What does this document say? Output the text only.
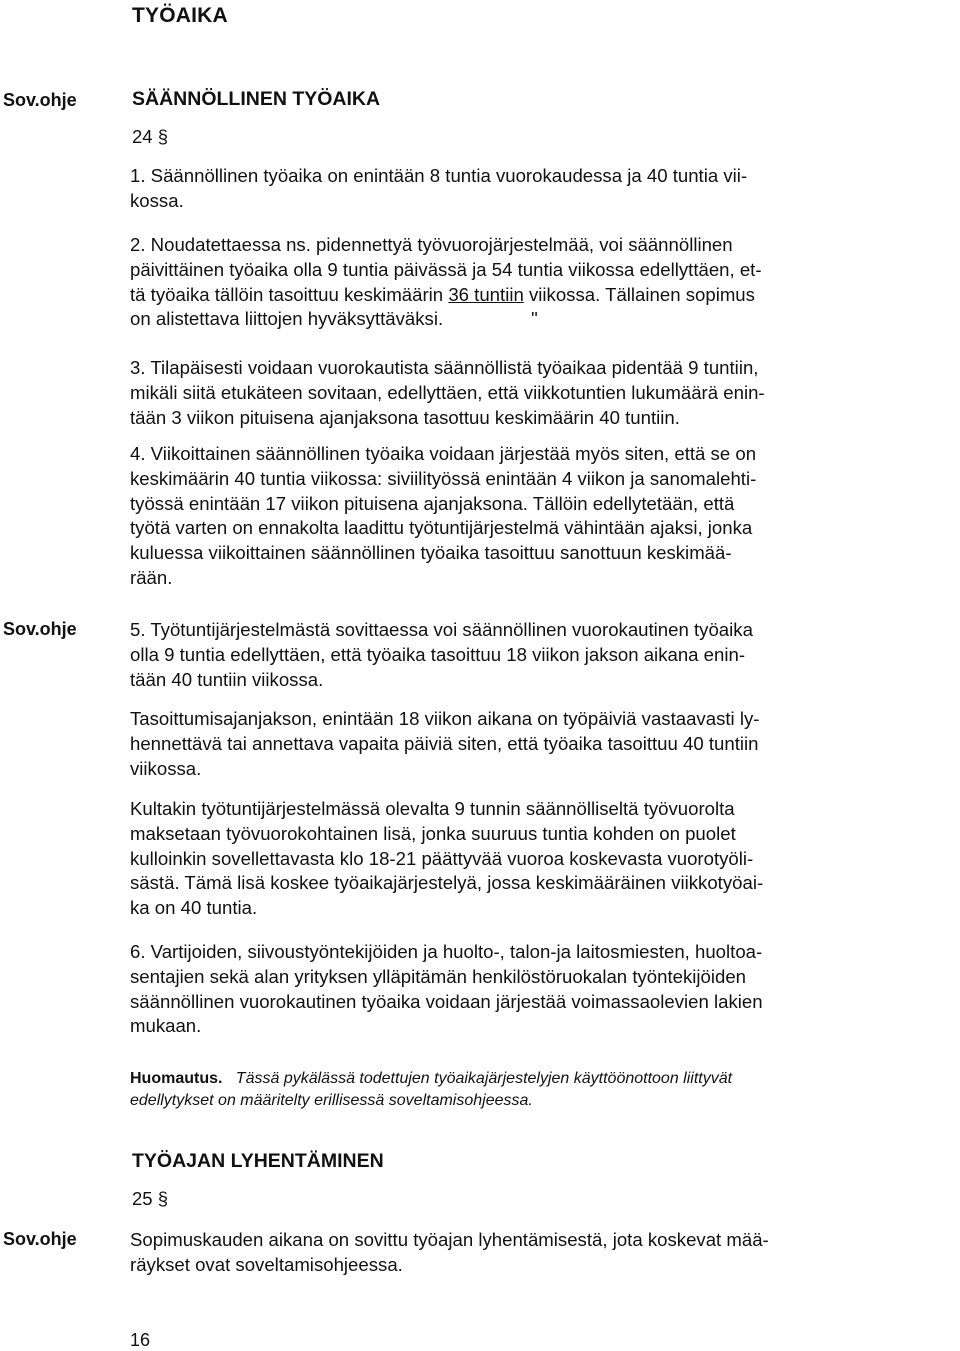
TYÖAIKA
Sov.ohje
Sov.ohje
Sov.ohje
SÄÄNNÖLLINEN TYÖAIKA
24 §
1. Säännöllinen työaika on enintään 8 tuntia vuorokaudessa ja 40 tuntia vii-
kossa.
2. Noudatettaessa ns. pidennettyä työvuorojärjestelmää, voi säännöllinen
päivittäinen työaika olla 9 tuntia päivässä ja 54 tuntia viikossa edellyttäen, et-
tä työaika tällöin tasoittuu keskimäärin 36 tuntiin viikossa. Tällainen sopimus
on alistettava liittojen hyväksyttäväksi.	"
3. Tilapäisesti voidaan vuorokautista säännöllistä työaikaa pidentää 9 tuntiin,
mikäli siitä etukäteen sovitaan, edellyttäen, että viikkotuntien lukumäärä enin-
tään 3 viikon pituisena ajanjaksona tasottuu keskimäärin 40 tuntiin.
4. Viikoittainen säännöllinen työaika voidaan järjestää myös siten, että se on
keskimäärin 40 tuntia viikossa: siviilityössä enintään 4 viikon ja sanomalehti-
työssä enintään 17 viikon pituisena ajanjaksona. Tällöin edellytetään, että
työtä varten on ennakolta laadittu työtuntijärjestelmä vähintään ajaksi, jonka
kuluessa viikoittainen säännöllinen työaika tasoittuu sanottuun keskimää-
rään.
5. Työtuntijärjestelmästä sovittaessa voi säännöllinen vuorokautinen työaika
olla 9 tuntia edellyttäen, että työaika tasoittuu 18 viikon jakson aikana enin-
tään 40 tuntiin viikossa.
Tasoittumisajanjakson, enintään 18 viikon aikana on työpäiviä vastaavasti ly-
hennettävä tai annettava vapaita päiviä siten, että työaika tasoittuu 40 tuntiin
viikossa.
Kultakin työtuntijärjestelmässä olevalta 9 tunnin säännölliseltä työvuorolta
maksetaan työvuorokohtainen lisä, jonka suuruus tuntia kohden on puolet
kulloinkin sovellettavasta klo 18-21 päättyvää vuoroa koskevasta vuorotyöli-
sästä. Tämä lisä koskee työaikajärjestelyä, jossa keskimääräinen viikkotyöai-
ka on 40 tuntia.
6. Vartijoiden, siivoustyöntekijöiden ja huolto-, talon-ja laitosmiesten, huoltoa-
sentajien sekä alan yrityksen ylläpitämän henkilöstöruokalan työntekijöiden
säännöllinen vuorokautinen työaika voidaan järjestää voimassaolevien lakien
mukaan.
Huomautus. Tässä pykälässä todettujen työaikajärjestelyjen käyttöönottoon liittyvät
edellytykset on määritelty erillisessä soveltamisohjeessa.
TYÖAJAN LYHENTÄMINEN
25 §
Sopimuskauden aikana on sovittu työajan lyhentämisestä, jota koskevat mää-
räykset ovat soveltamisohjeessa.
16
